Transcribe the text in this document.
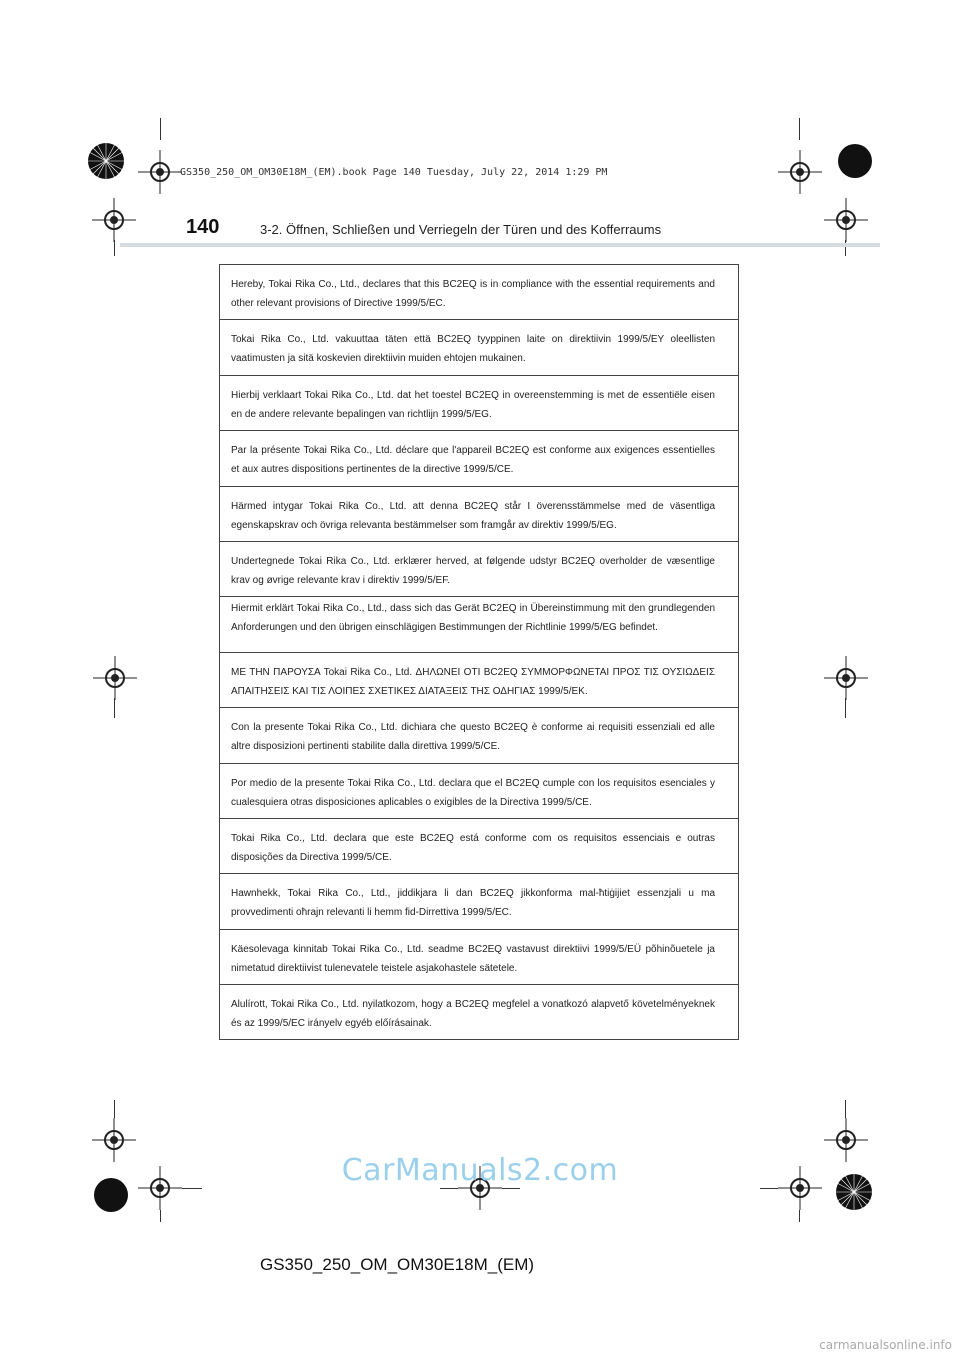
GS350_250_OM_OM30E18M_(EM).book Page 140 Tuesday, July 22, 2014 1:29 PM
140	3-2. Öffnen, Schließen und Verriegeln der Türen und des Kofferraums
Hereby, Tokai Rika Co., Ltd., declares that this BC2EQ is in compliance with the essential requirements and other relevant provisions of Directive 1999/5/EC.
Tokai Rika Co., Ltd. vakuuttaa täten että BC2EQ tyyppinen laite on direktiivin 1999/5/EY oleellisten vaatimusten ja sitä koskevien direktiivin muiden ehtojen mukainen.
Hierbij verklaart Tokai Rika Co., Ltd. dat het toestel BC2EQ in overeenstemming is met de essentiële eisen en de andere relevante bepalingen van richtlijn 1999/5/EG.
Par la présente Tokai Rika Co., Ltd. déclare que l'appareil BC2EQ est conforme aux exigences essentielles et aux autres dispositions pertinentes de la directive 1999/5/CE.
Härmed intygar Tokai Rika Co., Ltd. att denna BC2EQ står I överensstämmelse med de väsentliga egenskapskrav och övriga relevanta bestämmelser som framgår av direktiv 1999/5/EG.
Undertegnede Tokai Rika Co., Ltd. erklærer herved, at følgende udstyr BC2EQ overholder de væsentlige krav og øvrige relevante krav i direktiv 1999/5/EF.
Hiermit erklärt Tokai Rika Co., Ltd., dass sich das Gerät BC2EQ in Übereinstimmung mit den grundlegenden Anforderungen und den übrigen einschlägigen Bestimmungen der Richtlinie 1999/5/EG befindet.
ΜΕ ΤΗΝ ΠΑΡΟΥΣΑ Tokai Rika Co., Ltd. ΔΗΛΩΝΕΙ ΟΤΙ BC2EQ ΣΥΜΜΟΡΦΩΝΕΤΑΙ ΠΡΟΣ ΤΙΣ ΟΥΣΙΩΔΕΙΣ ΑΠΑΙΤΗΣΕΙΣ ΚΑΙ ΤΙΣ ΛΟΙΠΕΣ ΣΧΕΤΙΚΕΣ ΔΙΑΤΑΞΕΙΣ ΤΗΣ ΟΔΗΓΙΑΣ 1999/5/ΕΚ.
Con la presente Tokai Rika Co., Ltd. dichiara che questo BC2EQ è conforme ai requisiti essenziali ed alle altre disposizioni pertinenti stabilite dalla direttiva 1999/5/CE.
Por medio de la presente Tokai Rika Co., Ltd. declara que el BC2EQ cumple con los requisitos esenciales y cualesquiera otras disposiciones aplicables o exigibles de la Directiva 1999/5/CE.
Tokai Rika Co., Ltd. declara que este BC2EQ está conforme com os requisitos essenciais e outras disposições da Directiva 1999/5/CE.
Hawnhekk, Tokai Rika Co., Ltd., jiddikjara li dan BC2EQ jikkonforma mal-ħtiġijiet essenzjali u ma provvedimenti oħrajn relevanti li hemm fid-Dirrettiva 1999/5/EC.
Käesolevaga kinnitab Tokai Rika Co., Ltd. seadme BC2EQ vastavust direktiivi 1999/5/EÜ põhinõuetele ja nimetatud direktiivist tulenevatele teistele asjakohastele sätetele.
Alulírott, Tokai Rika Co., Ltd. nyilatkozom, hogy a BC2EQ megfelel a vonatkozó alapvető követelményeknek és az 1999/5/EC irányelv egyéb előírásainak.
CarManuals2.com
GS350_250_OM_OM30E18M_(EM)
carmanualsonline.info
